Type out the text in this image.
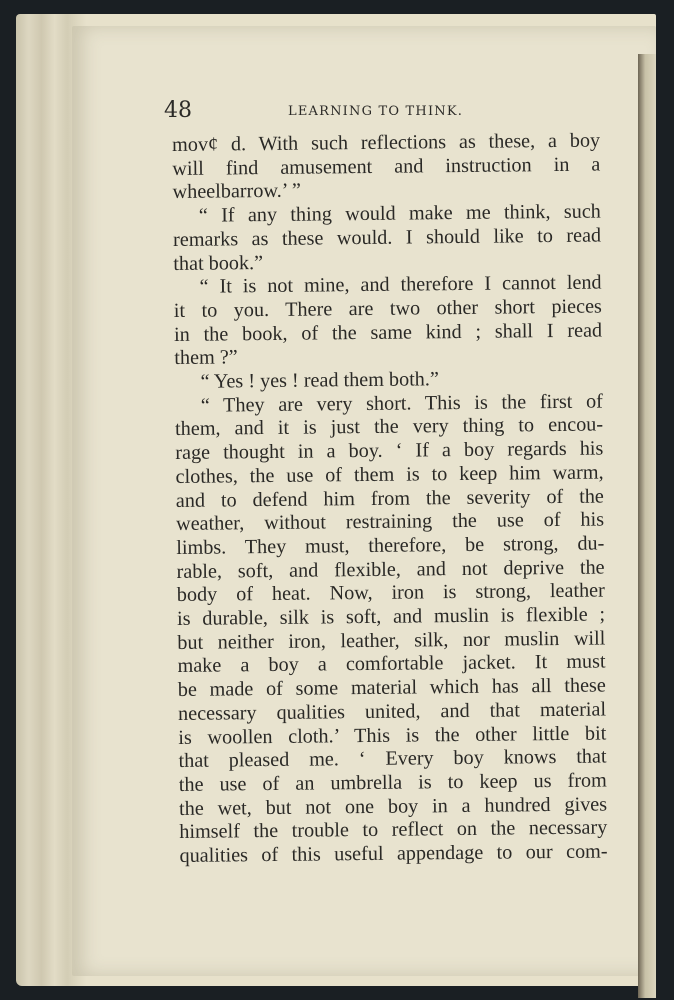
48	LEARNING TO THINK.
mov¢ d. With such reflections as these, a boy
will find amusement and instruction in a
wheelbarrow.’ ”
“ If any thing would make me think, such
remarks as these would. I should like to read
that book.”
“ It is not mine, and therefore I cannot lend
it to you. There are two other short pieces
in the book, of the same kind ; shall I read
them ?”
“ Yes ! yes ! read them both.”
“ They are very short. This is the first of
them, and it is just the very thing to encou-
rage thought in a boy. ‘ If a boy regards his
clothes, the use of them is to keep him warm,
and to defend him from the severity of the
weather, without restraining the use of his
limbs. They must, therefore, be strong, du-
rable, soft, and flexible, and not deprive the
body of heat. Now, iron is strong, leather
is durable, silk is soft, and muslin is flexible ;
but neither iron, leather, silk, nor muslin will
make a boy a comfortable jacket. It must
be made of some material which has all these
necessary qualities united, and that material
is woollen cloth.’ This is the other little bit
that pleased me. ‘ Every boy knows that
the use of an umbrella is to keep us from
the wet, but not one boy in a hundred gives
himself the trouble to reflect on the necessary
qualities of this useful appendage to our com-
